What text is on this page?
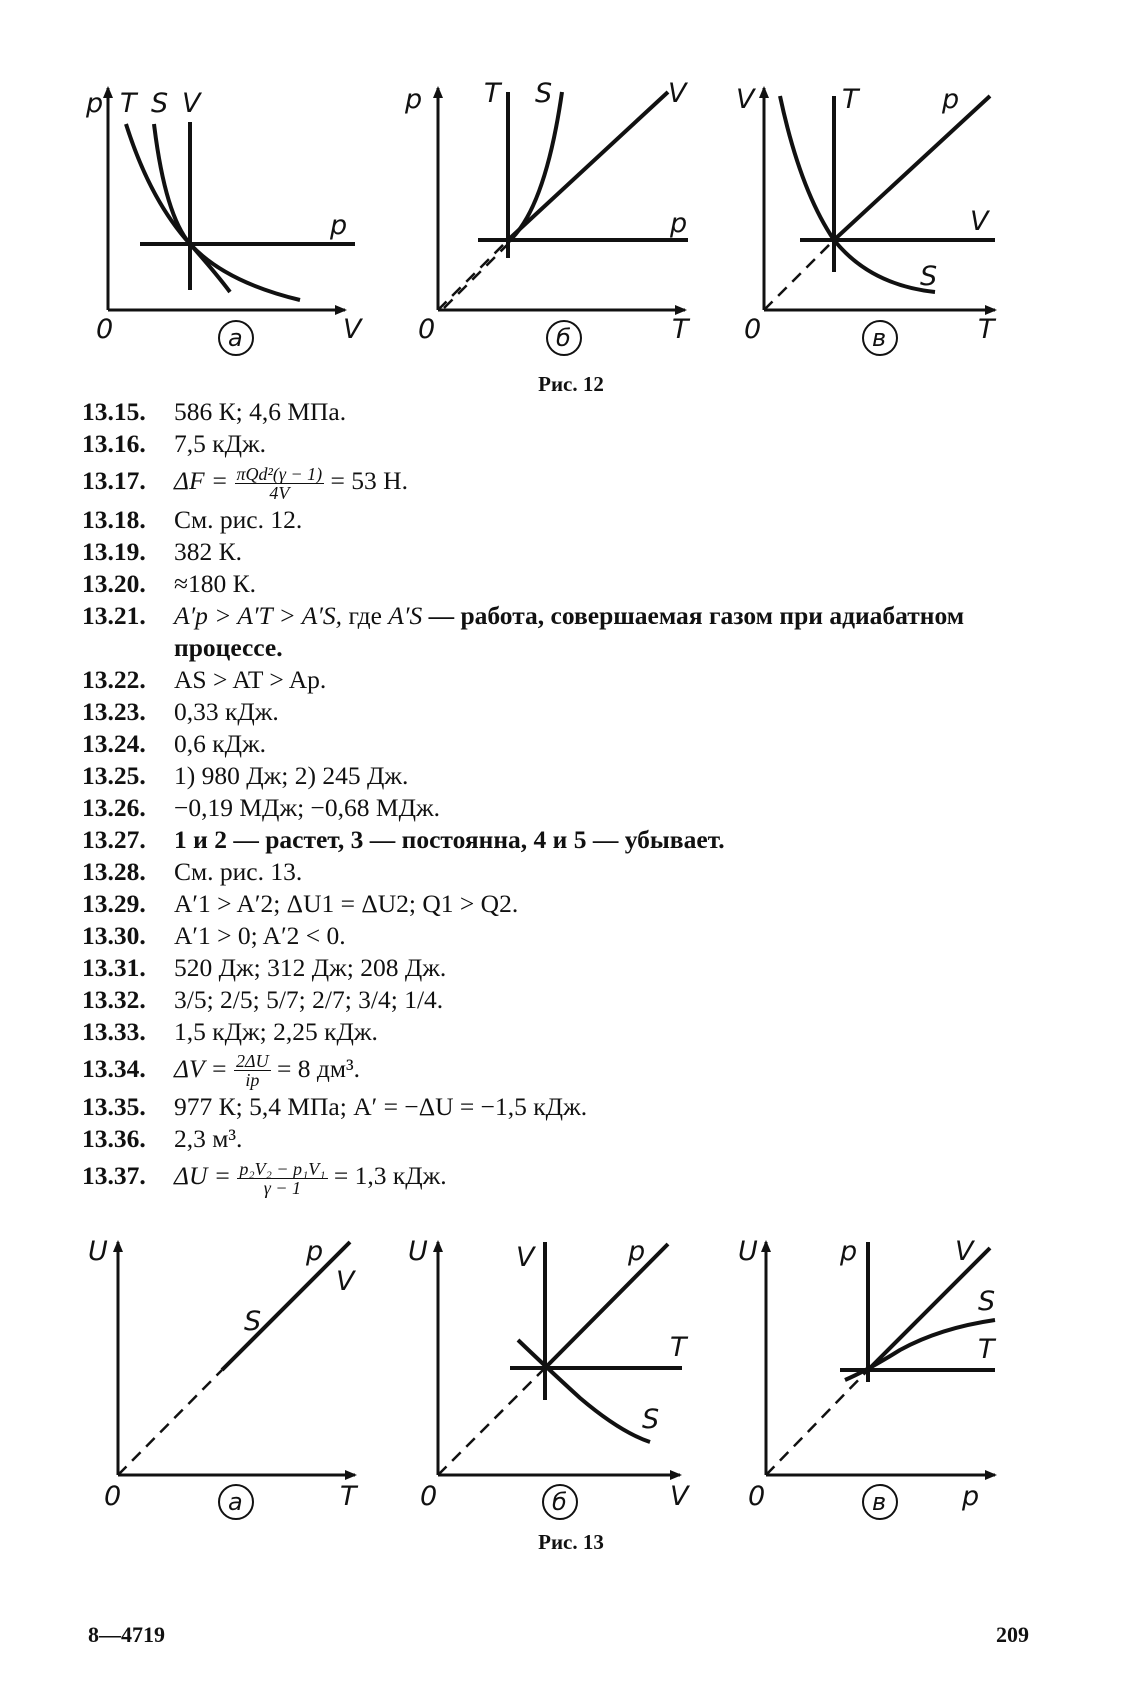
p T S V
p
V
0	а
p T S	V
p
T
0	б
V	T	p
V
S
T
0	в
Рис. 12
13.15.	586 К; 4,6 МПа.
13.16.	7,5 кДж.
13.17.	$\Delta F = \frac{\text{πQd²(γ − 1)}}{4V} = 53$ Н.
13.18.	См. рис. 12.
13.19.	382 К.
13.20.	≈180 К.
13.21.	A′p > A′T > A′S, где A′S — работа, совершаемая газом при адиабатном процессе.
13.22.	AS > AT > Ap.
13.23.	0,33 кДж.
13.24.	0,6 кДж.
13.25.	1) 980 Дж; 2) 245 Дж.
13.26.	−0,19 МДж; −0,68 МДж.
13.27.	1 и 2 — растет, 3 — постоянна, 4 и 5 — убывает.
13.28.	См. рис. 13.
13.29.	A′1 > A′2; ΔU1 = ΔU2; Q1 > Q2.
13.30.	A′1 > 0; A′2 < 0.
13.31.	520 Дж; 312 Дж; 208 Дж.
13.32.	3/5; 2/5; 5/7; 2/7; 3/4; 1/4.
13.33.	1,5 кДж; 2,25 кДж.
13.34.	$\Delta V = \frac{2\Delta U}{ip} = 8$ дм³.
13.35.	977 К; 5,4 МПа; A′ = −ΔU = −1,5 кДж.
13.36.	2,3 м³.
13.37.	$\Delta U = \frac{\text{p₂V₂ − p₁V₁}}{\gamma - 1} = 1,3$ кДж.
U	p
V
S
T
0	а
U	V	p
T
S
V
0	б
U	p	V
S
T
p
0	в
Рис. 13
8—4719	209
